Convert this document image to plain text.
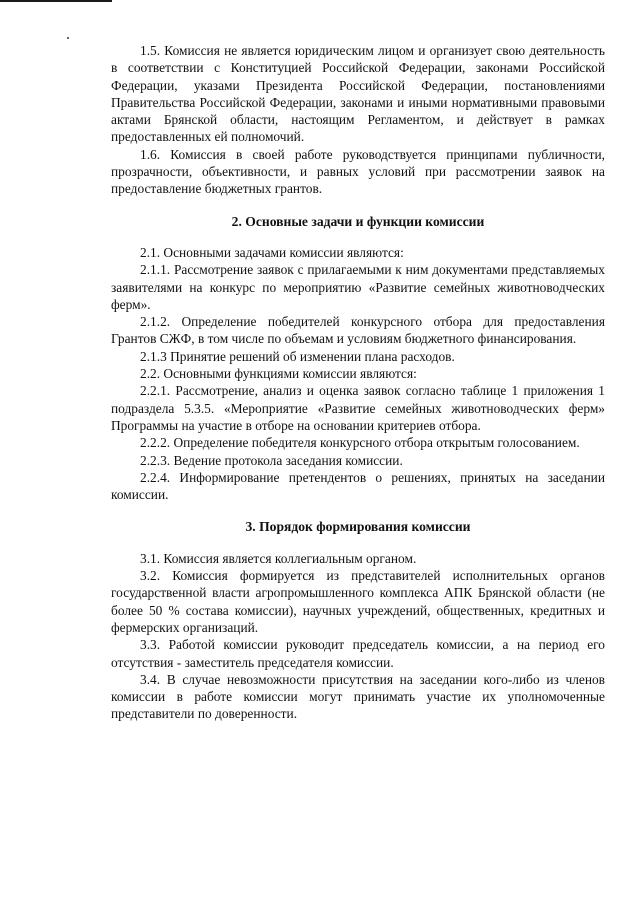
1.5. Комиссия не является юридическим лицом и организует свою деятельность в соответствии с Конституцией Российской Федерации, законами Российской Федерации, указами Президента Российской Федерации, постановлениями Правительства Российской Федерации, законами и иными нормативными правовыми актами Брянской области, настоящим Регламентом, и действует в рамках предоставленных ей полномочий.

1.6. Комиссия в своей работе руководствуется принципами публичности, прозрачности, объективности, и равных условий при рассмотрении заявок на предоставление бюджетных грантов.

2. Основные задачи и функции комиссии

2.1. Основными задачами комиссии являются:

2.1.1. Рассмотрение заявок с прилагаемыми к ним документами представляемых заявителями на конкурс по мероприятию «Развитие семейных животноводческих ферм».

2.1.2. Определение победителей конкурсного отбора для предоставления Грантов СЖФ, в том числе по объемам и условиям бюджетного финансирования.

2.1.3 Принятие решений об изменении плана расходов.

2.2. Основными функциями комиссии являются:

2.2.1. Рассмотрение, анализ и оценка заявок согласно таблице 1 приложения 1 подраздела 5.3.5. «Мероприятие «Развитие семейных животноводческих ферм» Программы на участие в отборе на основании критериев отбора.

2.2.2. Определение победителя конкурсного отбора открытым голосованием.

2.2.3. Ведение протокола заседания комиссии.

2.2.4. Информирование претендентов о решениях, принятых на заседании комиссии.

3. Порядок формирования комиссии

3.1. Комиссия является коллегиальным органом.

3.2. Комиссия формируется из представителей исполнительных органов государственной власти агропромышленного комплекса АПК Брянской области (не более 50 % состава комиссии), научных учреждений, общественных, кредитных и фермерских организаций.

3.3. Работой комиссии руководит председатель комиссии, а на период его отсутствия - заместитель председателя комиссии.

3.4. В случае невозможности присутствия на заседании кого-либо из членов комиссии в работе комиссии могут принимать участие их уполномоченные представители по доверенности.
